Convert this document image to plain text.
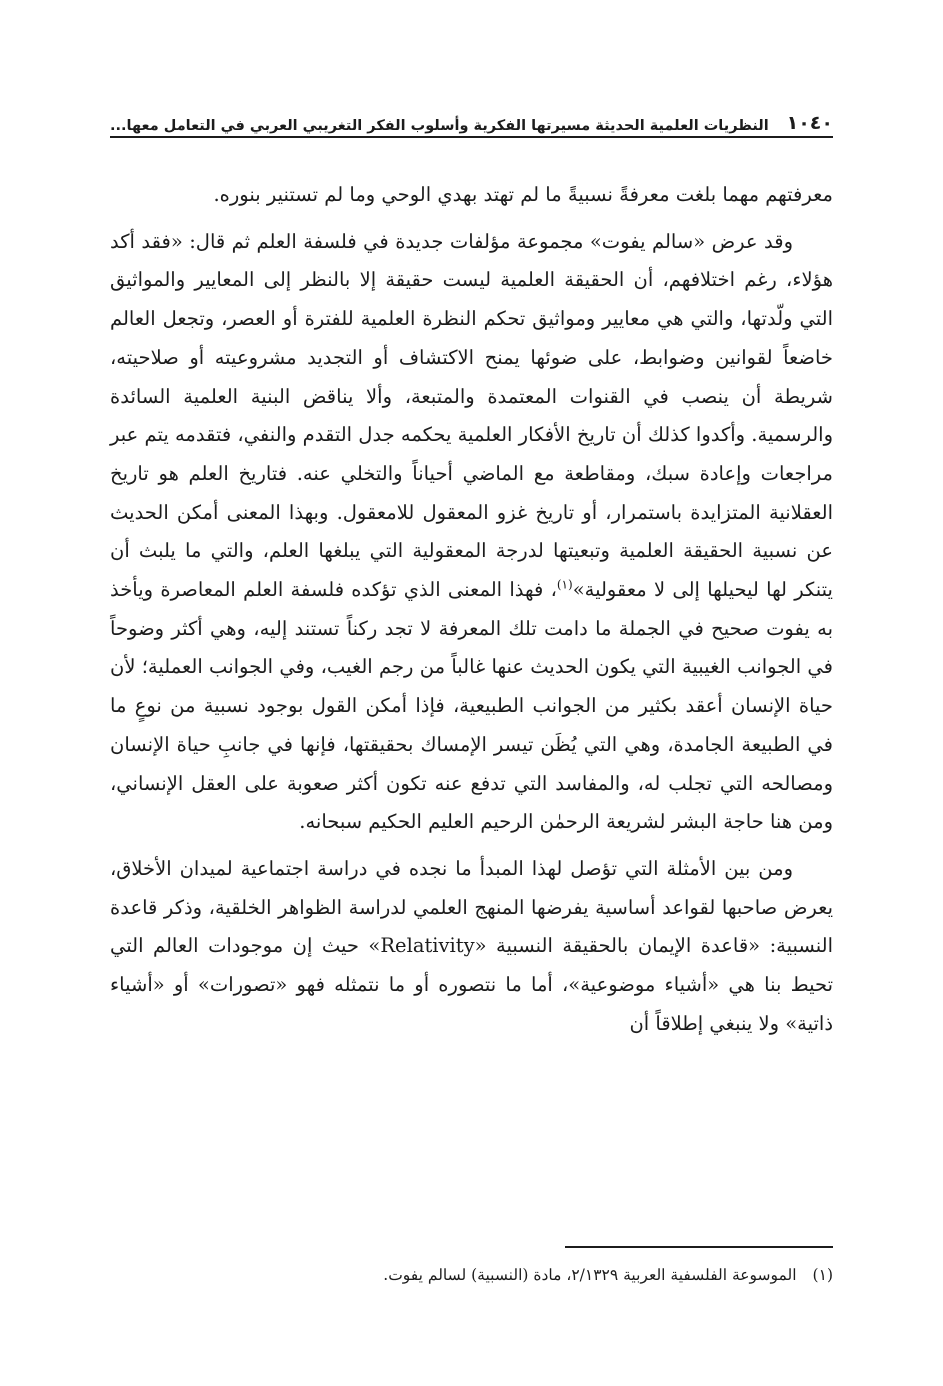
١٠٤٠
النظريات العلمية الحديثة مسيرتها الفكرية وأسلوب الفكر التغريبي العربي في التعامل معها...

معرفتهم مهما بلغت معرفةً نسبيةً ما لم تهتد بهدي الوحي وما لم تستنير بنوره.

وقد عرض «سالم يفوت» مجموعة مؤلفات جديدة في فلسفة العلم ثم قال: «فقد أكد هؤلاء، رغم اختلافهم، أن الحقيقة العلمية ليست حقيقة إلا بالنظر إلى المعايير والمواثيق التي ولّدتها، والتي هي معايير ومواثيق تحكم النظرة العلمية للفترة أو العصر، وتجعل العالم خاضعاً لقوانين وضوابط، على ضوئها يمنح الاكتشاف أو التجديد مشروعيته أو صلاحيته، شريطة أن ينصب في القنوات المعتمدة والمتبعة، وألا يناقض البنية العلمية السائدة والرسمية. وأكدوا كذلك أن تاريخ الأفكار العلمية يحكمه جدل التقدم والنفي، فتقدمه يتم عبر مراجعات وإعادة سبك، ومقاطعة مع الماضي أحياناً والتخلي عنه. فتاريخ العلم هو تاريخ العقلانية المتزايدة باستمرار، أو تاريخ غزو المعقول للامعقول. وبهذا المعنى أمكن الحديث عن نسبية الحقيقة العلمية وتبعيتها لدرجة المعقولية التي يبلغها العلم، والتي ما يلبث أن يتنكر لها ليحيلها إلى لا معقولية»$^{(١)}$، فهذا المعنى الذي تؤكده فلسفة العلم المعاصرة ويأخذ به يفوت صحيح في الجملة ما دامت تلك المعرفة لا تجد ركناً تستند إليه، وهي أكثر وضوحاً في الجوانب الغيبية التي يكون الحديث عنها غالباً من رجم الغيب، وفي الجوانب العملية؛ لأن حياة الإنسان أعقد بكثير من الجوانب الطبيعية، فإذا أمكن القول بوجود نسبية من نوعٍ ما في الطبيعة الجامدة، وهي التي يُظَن تيسر الإمساك بحقيقتها، فإنها في جانبِ حياة الإنسان ومصالحه التي تجلب له، والمفاسد التي تدفع عنه تكون أكثر صعوبة على العقل الإنساني، ومن هنا حاجة البشر لشريعة الرحمٰن الرحيم العليم الحكيم سبحانه.

ومن بين الأمثلة التي تؤصل لهذا المبدأ ما نجده في دراسة اجتماعية لميدان الأخلاق، يعرض صاحبها لقواعد أساسية يفرضها المنهج العلمي لدراسة الظواهر الخلقية، وذكر قاعدة النسبية: «قاعدة الإيمان بالحقيقة النسبية «Relativity» حيث إن موجودات العالم التي تحيط بنا هي «أشياء موضوعية»، أما ما نتصوره أو ما نتمثله فهو «تصورات» أو «أشياء ذاتية» ولا ينبغي إطلاقاً أن

(١)الموسوعة الفلسفية العربية ٢/١٣٢٩، مادة (النسبية) لسالم يفوت.
